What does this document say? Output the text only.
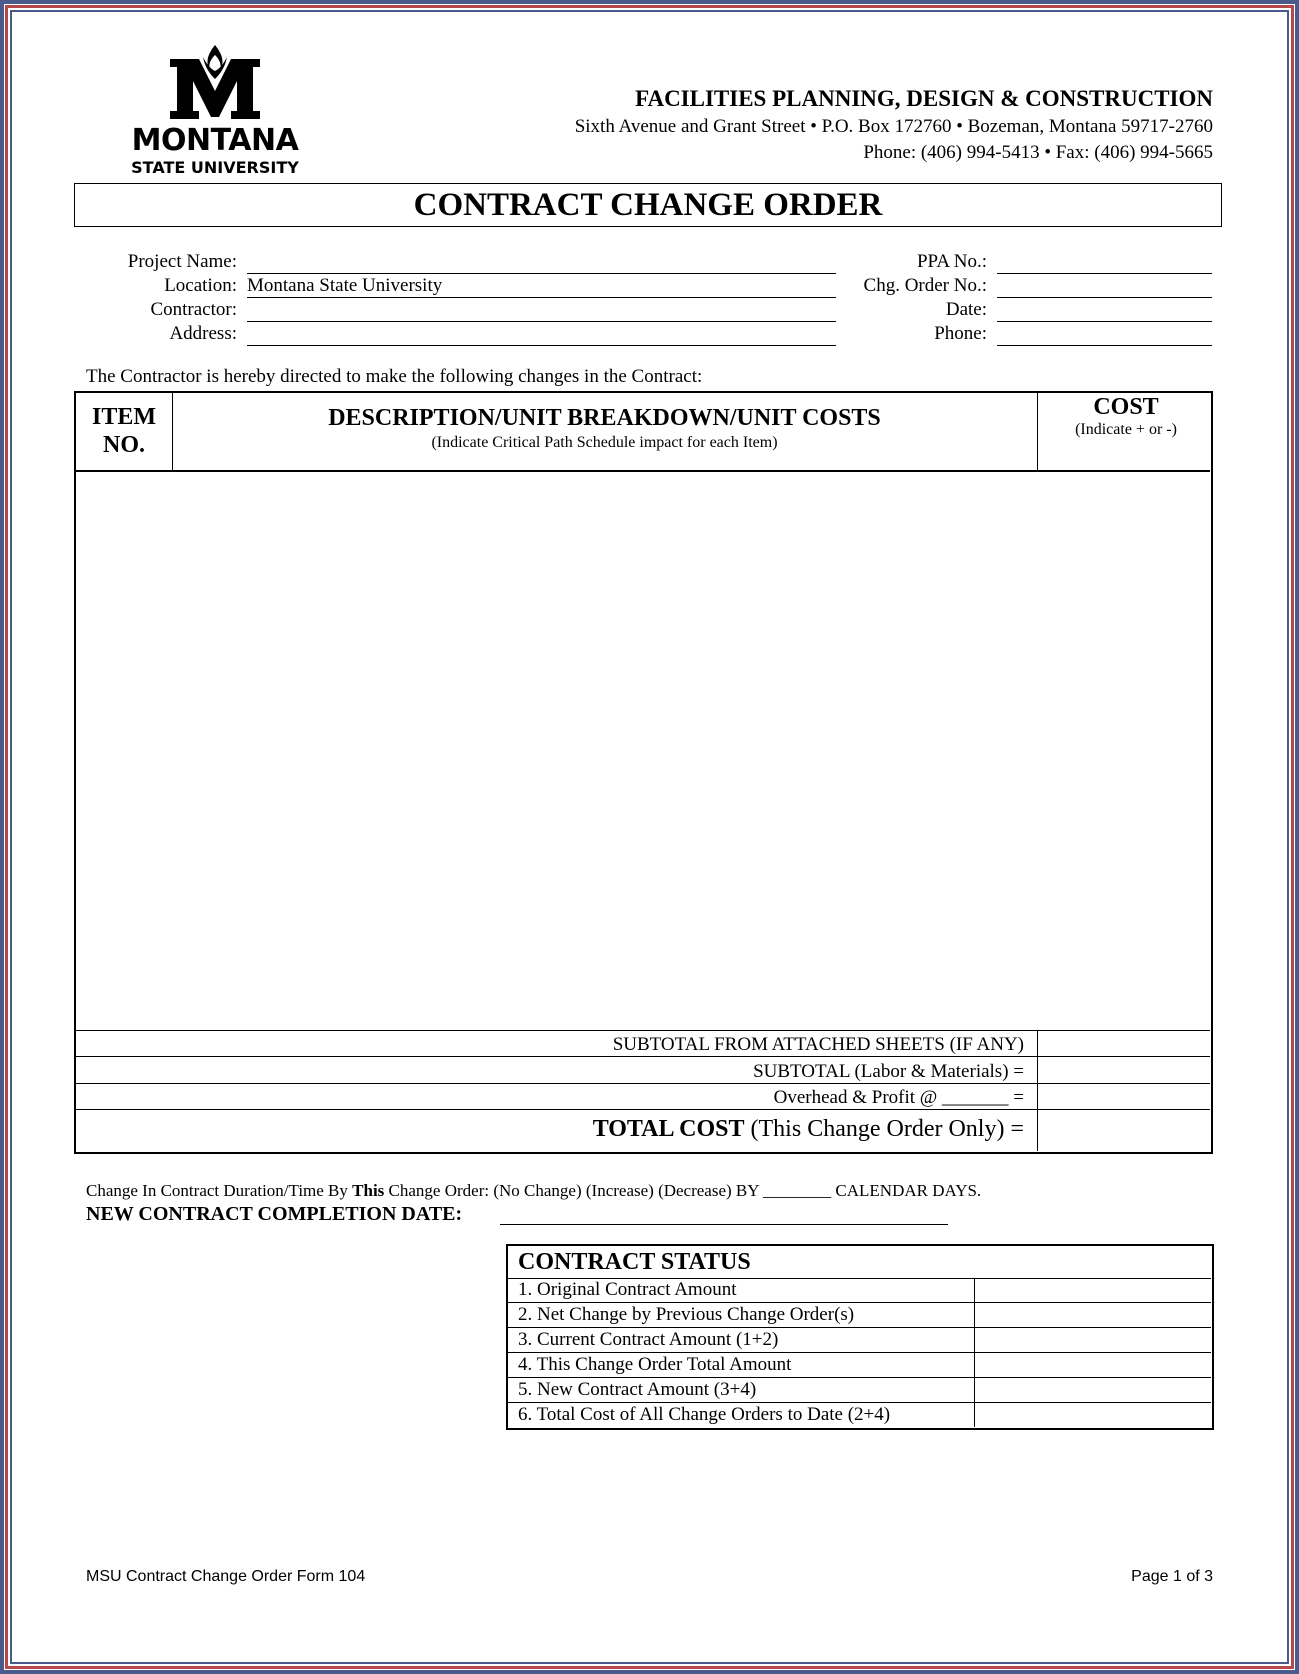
MONTANA
STATE UNIVERSITY
FACILITIES PLANNING, DESIGN & CONSTRUCTION
Sixth Avenue and Grant Street • P.O. Box 172760 • Bozeman, Montana 59717-2760
Phone: (406) 994-5413 • Fax: (406) 994-5665
CONTRACT CHANGE ORDER
Project Name:
Location: Montana State University
Contractor:
Address:
PPA No.:
Chg. Order No.:
Date:
Phone:
The Contractor is hereby directed to make the following changes in the Contract:
ITEM NO.
DESCRIPTION/UNIT BREAKDOWN/UNIT COSTS
(Indicate Critical Path Schedule impact for each Item)
COST
(Indicate + or -)
SUBTOTAL FROM ATTACHED SHEETS (IF ANY)
SUBTOTAL (Labor & Materials) =
Overhead & Profit @ _______ =
TOTAL COST (This Change Order Only) =
Change In Contract Duration/Time By This Change Order: (No Change) (Increase) (Decrease) BY ________ CALENDAR DAYS.
NEW CONTRACT COMPLETION DATE:
CONTRACT STATUS
1. Original Contract Amount
2. Net Change by Previous Change Order(s)
3. Current Contract Amount (1+2)
4. This Change Order Total Amount
5. New Contract Amount (3+4)
6. Total Cost of All Change Orders to Date (2+4)
MSU Contract Change Order Form 104	Page 1 of 3
